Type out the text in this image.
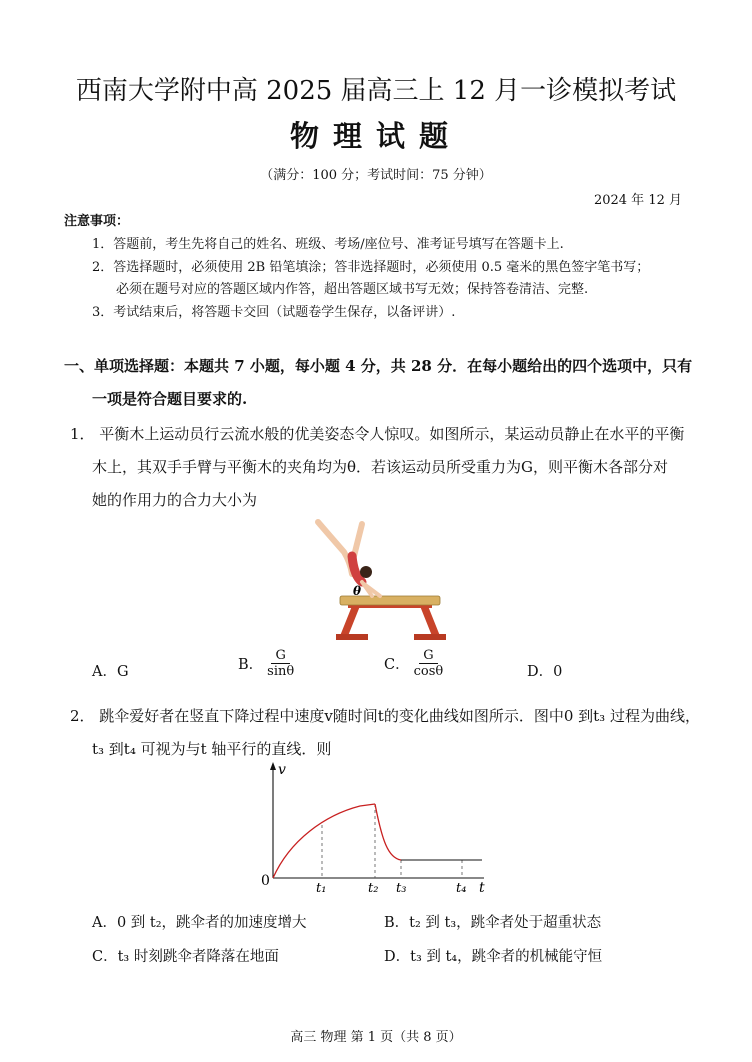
西南大学附中高 2025 届高三上 12 月一诊模拟考试
物理试题
（满分：100 分；考试时间：75 分钟）
2024 年 12 月
注意事项：
1．答题前，考生先将自己的姓名、班级、考场/座位号、准考证号填写在答题卡上.
2．答选择题时，必须使用 2B 铅笔填涂；答非选择题时，必须使用 0.5 毫米的黑色签字笔书写；
必须在题号对应的答题区域内作答，超出答题区域书写无效；保持答卷清洁、完整.
3．考试结束后，将答题卡交回（试题卷学生保存，以备评讲）.
一、单项选择题：本题共 7 小题，每小题 4 分，共 28 分．在每小题给出的四个选项中，只有
一项是符合题目要求的.
1． 平衡木上运动员行云流水般的优美姿态令人惊叹。如图所示，某运动员静止在水平的平衡
木上，其双手手臂与平衡木的夹角均为θ．若该运动员所受重力为G，则平衡木各部分对
她的作用力的合力大小为
θ
A．G	B． $\frac{G}{\sin\theta}$	C． $\frac{G}{\cos\theta}$	D．0
2． 跳伞爱好者在竖直下降过程中速度v随时间t的变化曲线如图所示．图中0 到t₃ 过程为曲线，
t₃ 到t₄ 可视为与t 轴平行的直线．则
v
t
0	t₁	t₂ t₃	t₄
A．0 到 t₂，跳伞者的加速度增大	B．t₂ 到 t₃，跳伞者处于超重状态
C．t₃ 时刻跳伞者降落在地面	D．t₃ 到 t₄，跳伞者的机械能守恒
高三 物理 第 1 页（共 8 页）
